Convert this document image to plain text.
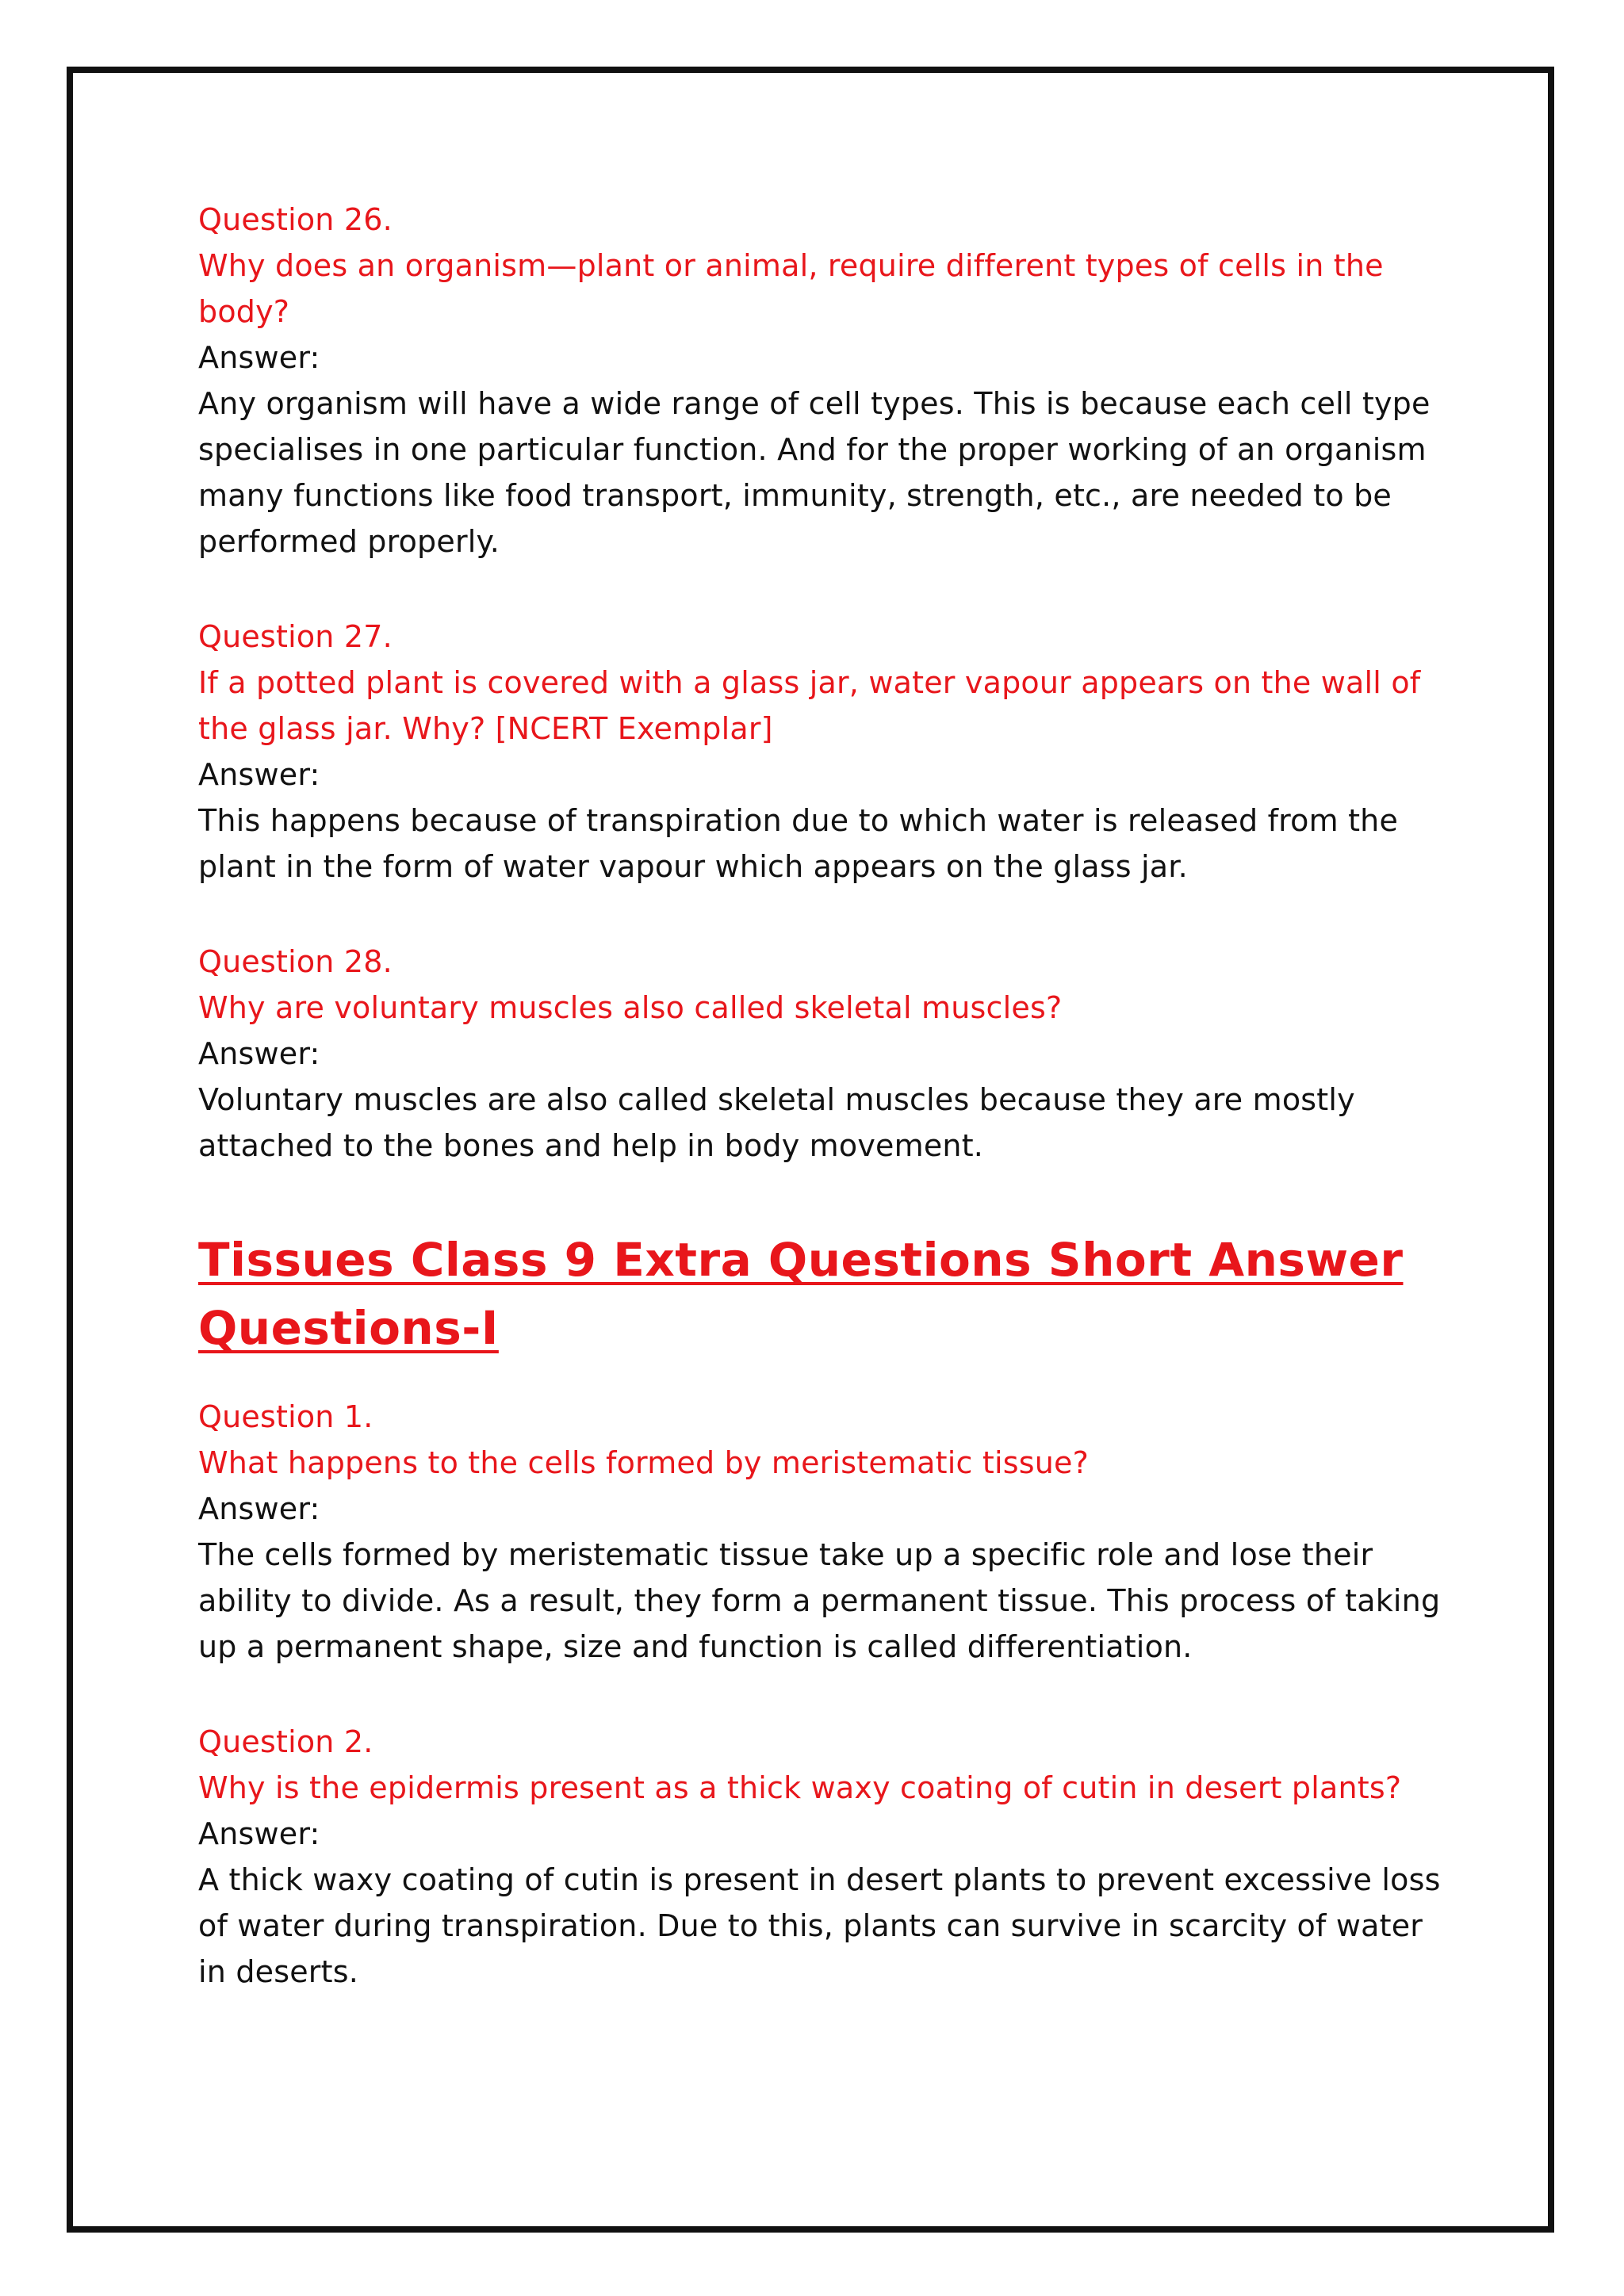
Question 26.

Why does an organism—plant or animal, require different types of cells in the body?

Answer:

Any organism will have a wide range of cell types. This is because each cell type specialises in one particular function. And for the proper working of an organism many functions like food transport, immunity, strength, etc., are needed to be performed properly.

Question 27.

If a potted plant is covered with a glass jar, water vapour appears on the wall of the glass jar. Why? [NCERT Exemplar]

Answer:

This happens because of transpiration due to which water is released from the plant in the form of water vapour which appears on the glass jar.

Question 28.

Why are voluntary muscles also called skeletal muscles?

Answer:

Voluntary muscles are also called skeletal muscles because they are mostly attached to the bones and help in body movement.

Tissues Class 9 Extra Questions Short Answer Questions-I

Question 1.

What happens to the cells formed by meristematic tissue?

Answer:

The cells formed by meristematic tissue take up a specific role and lose their ability to divide. As a result, they form a permanent tissue. This process of taking up a permanent shape, size and function is called differentiation.

Question 2.

Why is the epidermis present as a thick waxy coating of cutin in desert plants?

Answer:

A thick waxy coating of cutin is present in desert plants to prevent excessive loss of water during transpiration. Due to this, plants can survive in scarcity of water in deserts.
